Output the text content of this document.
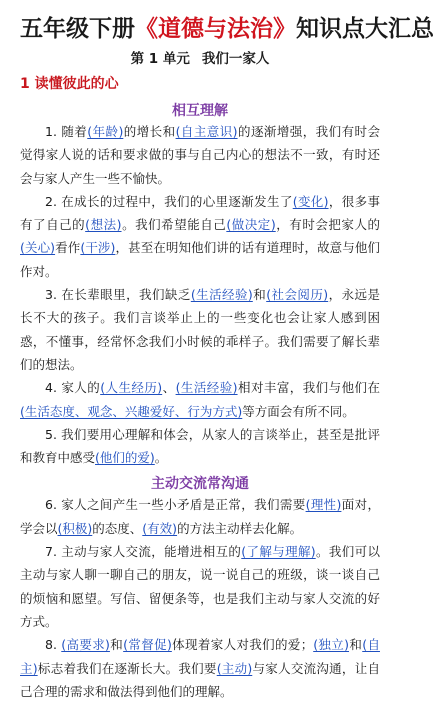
五年级下册《道德与法治》知识点大汇总
第 1 单元 我们一家人
1 读懂彼此的心
相互理解

1. 随着(年龄)的增长和(自主意识)的逐渐增强，我们有时会觉得家人说的话和要求做的事与自己内心的想法不一致，有时还会与家人产生一些不愉快。

2. 在成长的过程中，我们的心里逐渐发生了(变化)，很多事有了自己的(想法)。我们希望能自己(做决定)，有时会把家人的(关心)看作(干涉)，甚至在明知他们讲的话有道理时，故意与他们作对。

3. 在长辈眼里，我们缺乏(生活经验)和(社会阅历)，永远是长不大的孩子。我们言谈举止上的一些变化也会让家人感到困惑，不懂事，经常怀念我们小时候的乖样子。我们需要了解长辈们的想法。

4. 家人的(人生经历)、(生活经验)相对丰富，我们与他们在(生活态度、观念、兴趣爱好、行为方式)等方面会有所不同。

5. 我们要用心理解和体会，从家人的言谈举止，甚至是批评和教育中感受(他们的爱)。

主动交流常沟通

6. 家人之间产生一些小矛盾是正常，我们需要(理性)面对，学会以(积极)的态度、(有效)的方法主动样去化解。

7. 主动与家人交流，能增进相互的(了解与理解)。我们可以主动与家人聊一聊自己的朋友，说一说自己的班级，谈一谈自己的烦恼和愿望。写信、留便条等，也是我们主动与家人交流的好方式。

8. (高要求)和(常督促)体现着家人对我们的爱；(独立)和(自主)标志着我们在逐渐长大。我们要(主动)与家人交流沟通，让自己合理的需求和做法得到他们的理解。
